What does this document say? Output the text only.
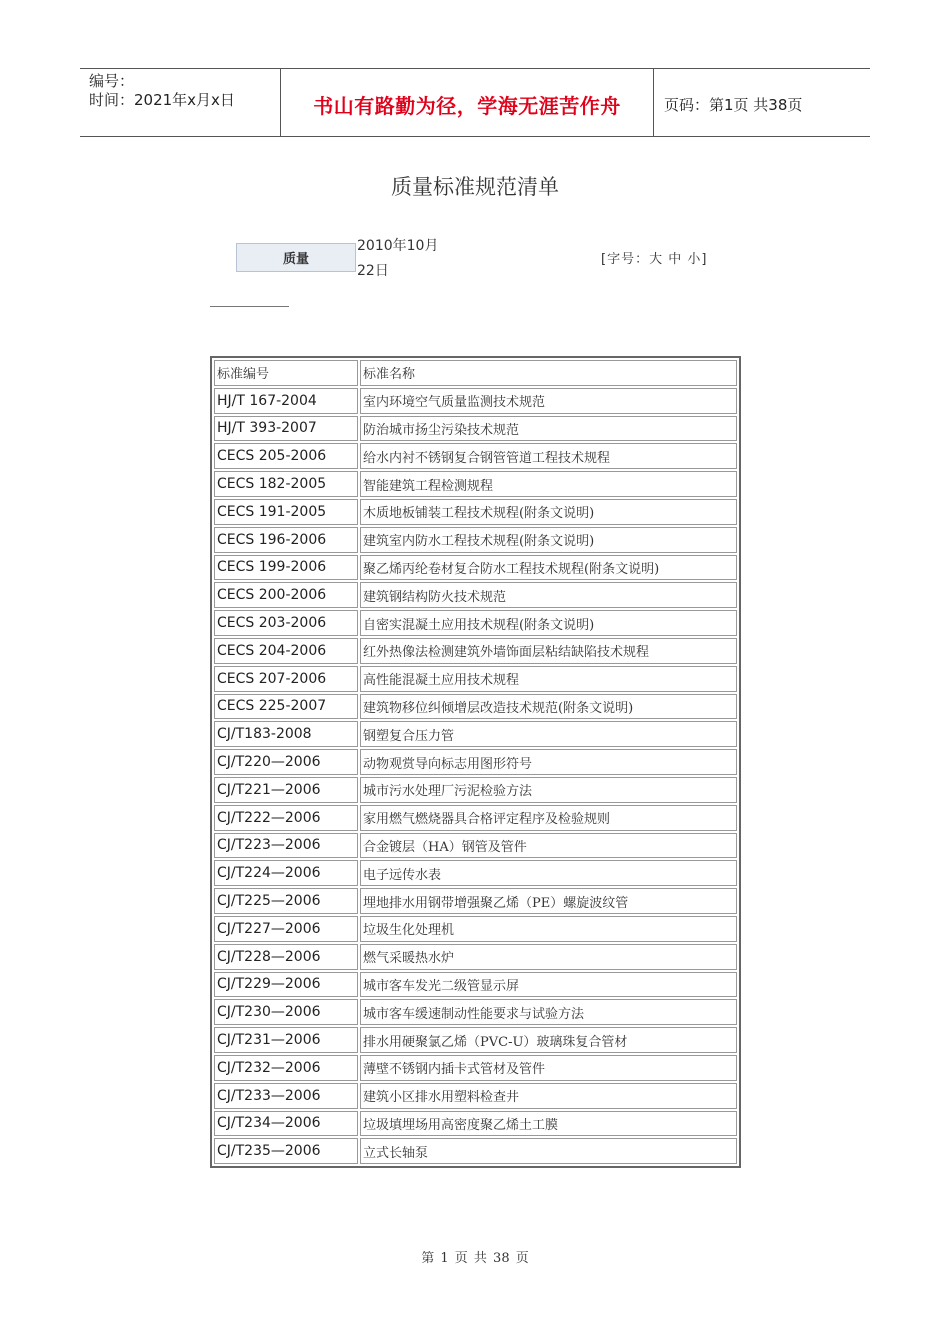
编号：
时间：2021年x月x日	书山有路勤为径，学海无涯苦作舟	页码：第1页 共38页
质量标准规范清单
质量
2010年10月
22日
[字号：大 中 小]
标准编号	标准名称
HJ/T 167-2004	室内环境空气质量监测技术规范
HJ/T 393-2007	防治城市扬尘污染技术规范
CECS 205-2006	给水内衬不锈钢复合钢管管道工程技术规程
CECS 182-2005	智能建筑工程检测规程
CECS 191-2005	木质地板铺装工程技术规程(附条文说明)
CECS 196-2006	建筑室内防水工程技术规程(附条文说明)
CECS 199-2006	聚乙烯丙纶卷材复合防水工程技术规程(附条文说明)
CECS 200-2006	建筑钢结构防火技术规范
CECS 203-2006	自密实混凝土应用技术规程(附条文说明)
CECS 204-2006	红外热像法检测建筑外墙饰面层粘结缺陷技术规程
CECS 207-2006	高性能混凝土应用技术规程
CECS 225-2007	建筑物移位纠倾增层改造技术规范(附条文说明)
CJ/T183-2008	钢塑复合压力管
CJ/T220—2006	动物观赏导向标志用图形符号
CJ/T221—2006	城市污水处理厂污泥检验方法
CJ/T222—2006	家用燃气燃烧器具合格评定程序及检验规则
CJ/T223—2006	合金镀层（HA）钢管及管件
CJ/T224—2006	电子远传水表
CJ/T225—2006	埋地排水用钢带增强聚乙烯（PE）螺旋波纹管
CJ/T227—2006	垃圾生化处理机
CJ/T228—2006	燃气采暖热水炉
CJ/T229—2006	城市客车发光二级管显示屏
CJ/T230—2006	城市客车缓速制动性能要求与试验方法
CJ/T231—2006	排水用硬聚氯乙烯（PVC-U）玻璃珠复合管材
CJ/T232—2006	薄壁不锈钢内插卡式管材及管件
CJ/T233—2006	建筑小区排水用塑料检查井
CJ/T234—2006	垃圾填埋场用高密度聚乙烯土工膜
CJ/T235—2006	立式长轴泵
第 1 页 共 38 页
